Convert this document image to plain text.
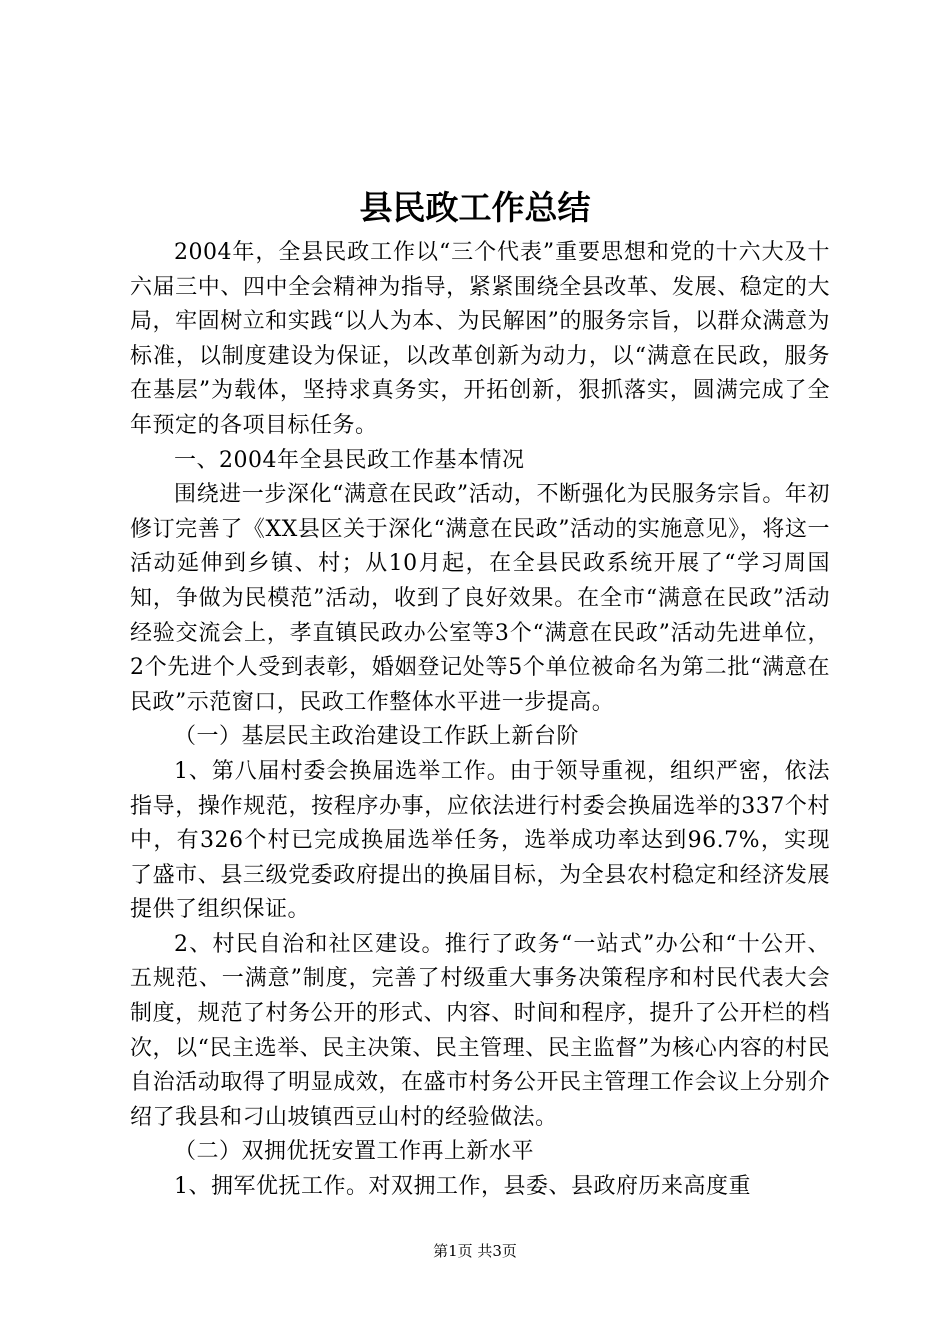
县民政工作总结

2004年，全县民政工作以“三个代表”重要思想和党的十六大及十六届三中、四中全会精神为指导，紧紧围绕全县改革、发展、稳定的大局，牢固树立和实践“以人为本、为民解困”的服务宗旨，以群众满意为标准，以制度建设为保证，以改革创新为动力，以“满意在民政，服务在基层”为载体，坚持求真务实，开拓创新，狠抓落实，圆满完成了全年预定的各项目标任务。

一、2004年全县民政工作基本情况

围绕进一步深化“满意在民政”活动，不断强化为民服务宗旨。年初修订完善了《XX县区关于深化“满意在民政”活动的实施意见》，将这一活动延伸到乡镇、村；从10月起，在全县民政系统开展了“学习周国知，争做为民模范”活动，收到了良好效果。在全市“满意在民政”活动经验交流会上，孝直镇民政办公室等3个“满意在民政”活动先进单位，2个先进个人受到表彰，婚姻登记处等5个单位被命名为第二批“满意在民政”示范窗口，民政工作整体水平进一步提高。

（一）基层民主政治建设工作跃上新台阶

1、第八届村委会换届选举工作。由于领导重视，组织严密，依法指导，操作规范，按程序办事，应依法进行村委会换届选举的337个村中，有326个村已完成换届选举任务，选举成功率达到96.7%，实现了盛市、县三级党委政府提出的换届目标，为全县农村稳定和经济发展提供了组织保证。

2、村民自治和社区建设。推行了政务“一站式”办公和“十公开、五规范、一满意”制度，完善了村级重大事务决策程序和村民代表大会制度，规范了村务公开的形式、内容、时间和程序，提升了公开栏的档次，以“民主选举、民主决策、民主管理、民主监督”为核心内容的村民自治活动取得了明显成效，在盛市村务公开民主管理工作会议上分别介绍了我县和刁山坡镇西豆山村的经验做法。

（二）双拥优抚安置工作再上新水平

1、拥军优抚工作。对双拥工作，县委、县政府历来高度重

第1页 共3页
